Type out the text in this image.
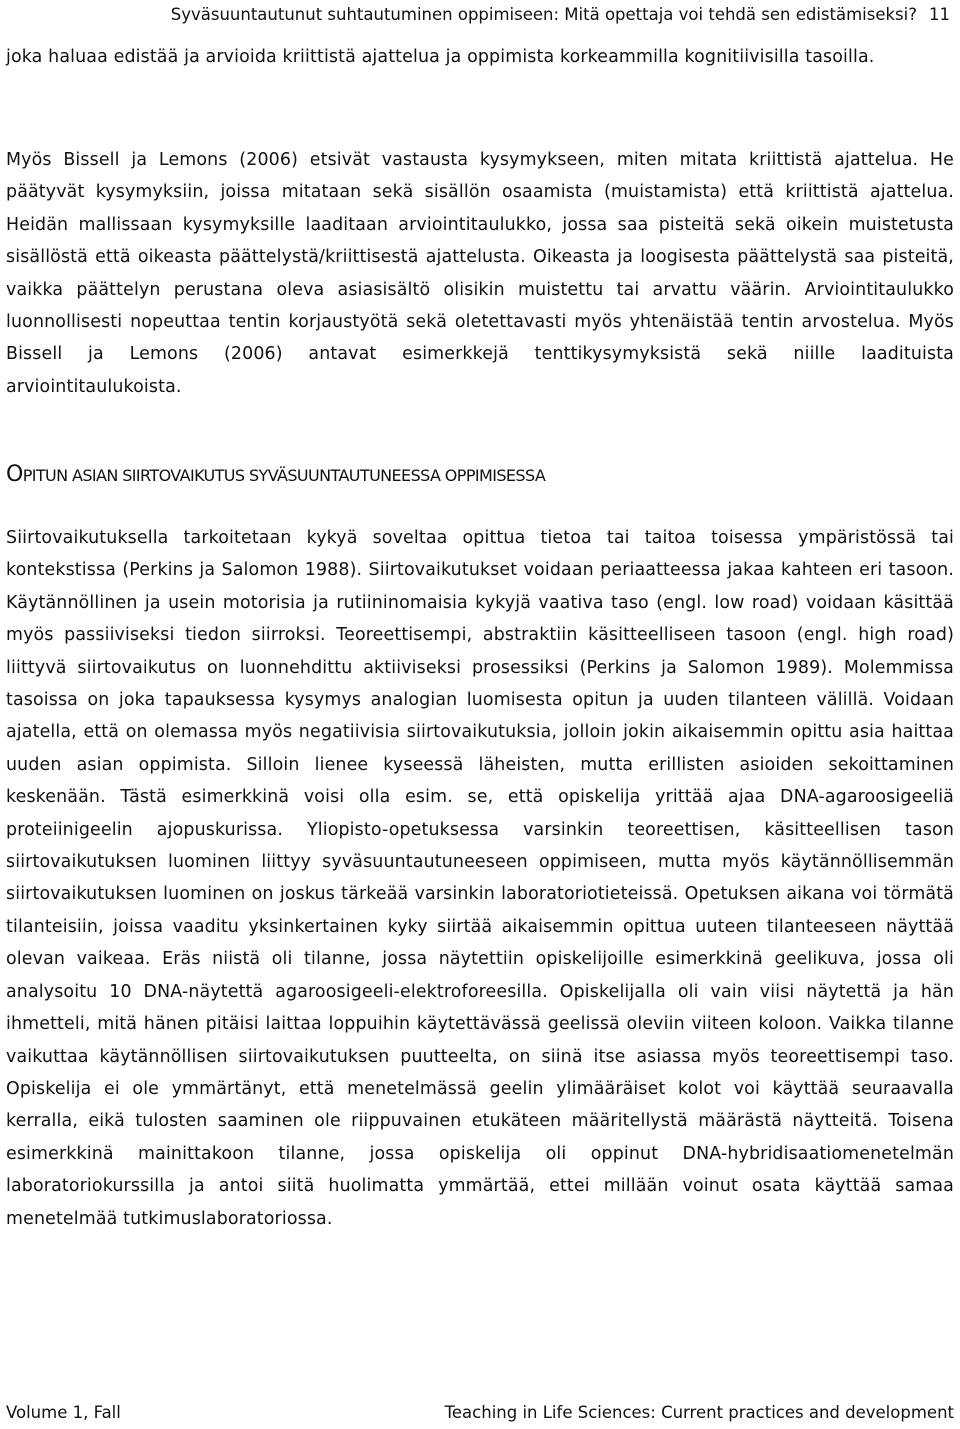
Syväsuuntautunut suhtautuminen oppimiseen: Mitä opettaja voi tehdä sen edistämiseksi? 11

joka haluaa edistää ja arvioida kriittistä ajattelua ja oppimista korkeammilla kognitiivisilla tasoilla.

Myös Bissell ja Lemons (2006) etsivät vastausta kysymykseen, miten mitata kriittistä ajattelua. He päätyvät kysymyksiin, joissa mitataan sekä sisällön osaamista (muistamista) että kriittistä ajattelua. Heidän mallissaan kysymyksille laaditaan arviointitaulukko, jossa saa pisteitä sekä oikein muistetusta sisällöstä että oikeasta päättelystä/kriittisestä ajattelusta. Oikeasta ja loogisesta päättelystä saa pisteitä, vaikka päättelyn perustana oleva asiasisältö olisikin muistettu tai arvattu väärin. Arviointitaulukko luonnollisesti nopeuttaa tentin korjaustyötä sekä oletettavasti myös yhtenäistää tentin arvostelua. Myös Bissell ja Lemons (2006) antavat esimerkkejä tenttikysymyksistä sekä niille laadituista arviointitaulukoista.

OPITUN ASIAN SIIRTOVAIKUTUS SYVÄSUUNTAUTUNEESSA OPPIMISESSA

Siirtovaikutuksella tarkoitetaan kykyä soveltaa opittua tietoa tai taitoa toisessa ympäristössä tai kontekstissa (Perkins ja Salomon 1988). Siirtovaikutukset voidaan periaatteessa jakaa kahteen eri tasoon. Käytännöllinen ja usein motorisia ja rutiininomaisia kykyjä vaativa taso (engl. low road) voidaan käsittää myös passiiviseksi tiedon siirroksi. Teoreettisempi, abstraktiin käsitteelliseen tasoon (engl. high road) liittyvä siirtovaikutus on luonnehdittu aktiiviseksi prosessiksi (Perkins ja Salomon 1989). Molemmissa tasoissa on joka tapauksessa kysymys analogian luomisesta opitun ja uuden tilanteen välillä. Voidaan ajatella, että on olemassa myös negatiivisia siirtovaikutuksia, jolloin jokin aikaisemmin opittu asia haittaa uuden asian oppimista. Silloin lienee kyseessä läheisten, mutta erillisten asioiden sekoittaminen keskenään. Tästä esimerkkinä voisi olla esim. se, että opiskelija yrittää ajaa DNA-agaroosigeeliä proteiinigeelin ajopuskurissa. Yliopisto-opetuksessa varsinkin teoreettisen, käsitteellisen tason siirtovaikutuksen luominen liittyy syväsuuntautuneeseen oppimiseen, mutta myös käytännöllisemmän siirtovaikutuksen luominen on joskus tärkeää varsinkin laboratoriotieteissä. Opetuksen aikana voi törmätä tilanteisiin, joissa vaaditu yksinkertainen kyky siirtää aikaisemmin opittua uuteen tilanteeseen näyttää olevan vaikeaa. Eräs niistä oli tilanne, jossa näytettiin opiskelijoille esimerkkinä geelikuva, jossa oli analysoitu 10 DNA-näytettä agaroosigeeli-elektroforeesilla. Opiskelijalla oli vain viisi näytettä ja hän ihmetteli, mitä hänen pitäisi laittaa loppuihin käytettävässä geelissä oleviin viiteen koloon. Vaikka tilanne vaikuttaa käytännöllisen siirtovaikutuksen puutteelta, on siinä itse asiassa myös teoreettisempi taso. Opiskelija ei ole ymmärtänyt, että menetelmässä geelin ylimääräiset kolot voi käyttää seuraavalla kerralla, eikä tulosten saaminen ole riippuvainen etukäteen määritellystä määrästä näytteitä. Toisena esimerkkinä mainittakoon tilanne, jossa opiskelija oli oppinut DNA-hybridisaatiomenetelmän laboratoriokurssilla ja antoi siitä huolimatta ymmärtää, ettei millään voinut osata käyttää samaa menetelmää tutkimuslaboratoriossa.

Volume 1, Fall	Teaching in Life Sciences: Current practices and development
